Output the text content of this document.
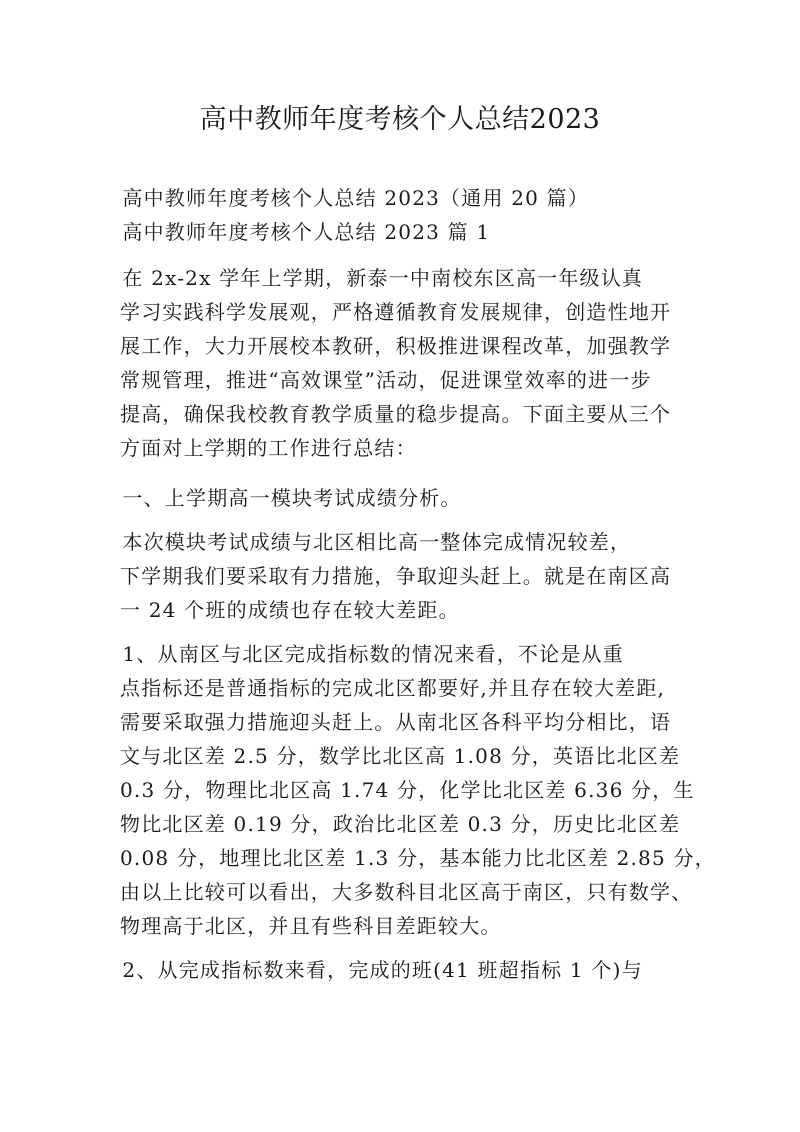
高中教师年度考核个人总结2023
　　高中教师年度考核个人总结 2023（通用 20 篇）
　　高中教师年度考核个人总结 2023 篇 1
　　在 2x-2x 学年上学期，新泰一中南校东区高一年级认真
学习实践科学发展观，严格遵循教育发展规律，创造性地开
展工作，大力开展校本教研，积极推进课程改革，加强教学
常规管理，推进“高效课堂”活动，促进课堂效率的进一步
提高，确保我校教育教学质量的稳步提高。下面主要从三个
方面对上学期的工作进行总结：
　　一、上学期高一模块考试成绩分析。
　　本次模块考试成绩与北区相比高一整体完成情况较差，
下学期我们要采取有力措施，争取迎头赶上。就是在南区高
一 24 个班的成绩也存在较大差距。
　　1、从南区与北区完成指标数的情况来看，不论是从重
点指标还是普通指标的完成北区都要好,并且存在较大差距,
需要采取强力措施迎头赶上。从南北区各科平均分相比，语
文与北区差 2.5 分，数学比北区高 1.08 分，英语比北区差
0.3 分，物理比北区高 1.74 分，化学比北区差 6.36 分，生
物比北区差 0.19 分，政治比北区差 0.3 分，历史比北区差
0.08 分，地理比北区差 1.3 分，基本能力比北区差 2.85 分，
由以上比较可以看出，大多数科目北区高于南区，只有数学、
物理高于北区，并且有些科目差距较大。
　　2、从完成指标数来看，完成的班(41 班超指标 1 个)与
